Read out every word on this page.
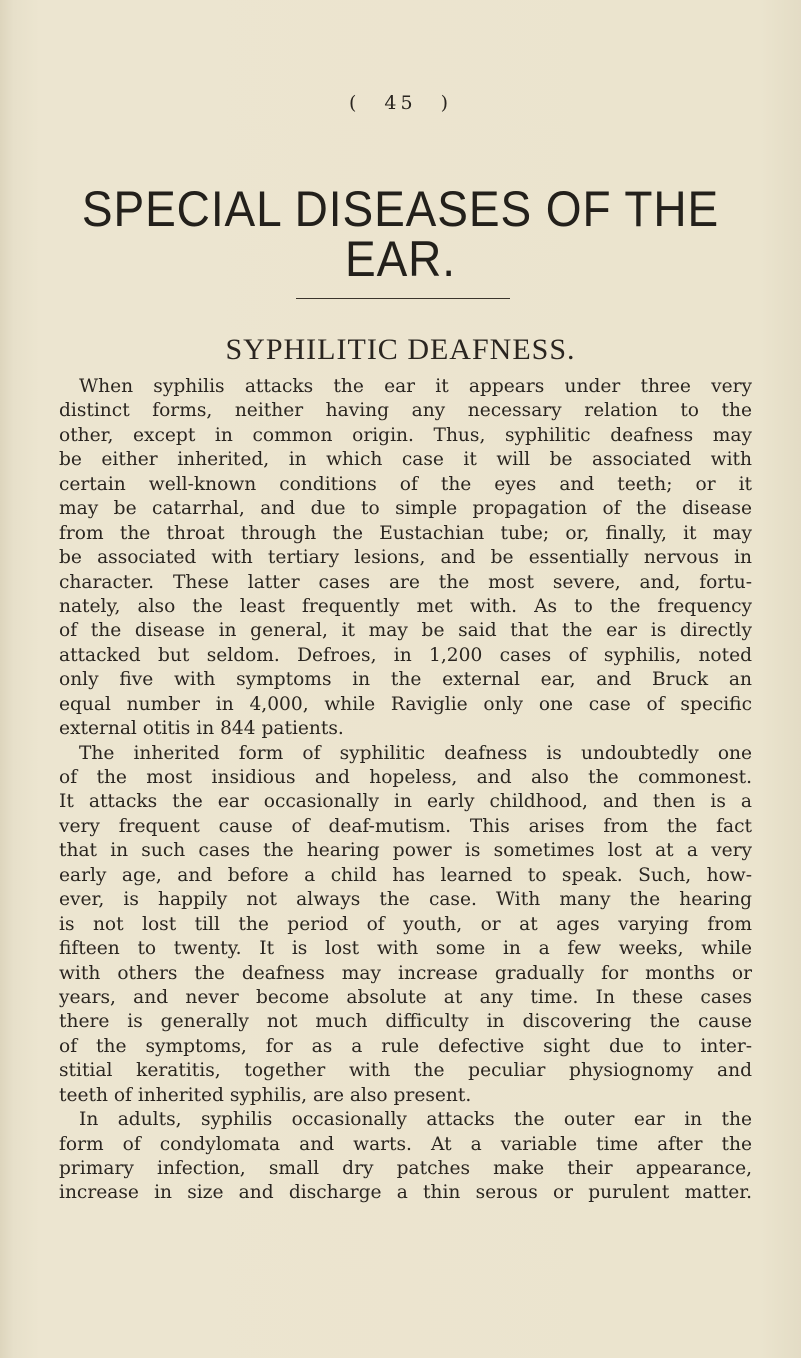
( 45 )
SPECIAL DISEASES OF THE EAR.
SYPHILITIC DEAFNESS.
When syphilis attacks the ear it appears under three very
distinct forms, neither having any necessary relation to the
other, except in common origin. Thus, syphilitic deafness may
be either inherited, in which case it will be associated with
certain well-known conditions of the eyes and teeth; or it
may be catarrhal, and due to simple propagation of the disease
from the throat through the Eustachian tube; or, finally, it may
be associated with tertiary lesions, and be essentially nervous in
character. These latter cases are the most severe, and, fortu-
nately, also the least frequently met with. As to the frequency
of the disease in general, it may be said that the ear is directly
attacked but seldom. Defroes, in 1,200 cases of syphilis, noted
only five with symptoms in the external ear, and Bruck an
equal number in 4,000, while Raviglie only one case of specific
external otitis in 844 patients.
The inherited form of syphilitic deafness is undoubtedly one
of the most insidious and hopeless, and also the commonest.
It attacks the ear occasionally in early childhood, and then is a
very frequent cause of deaf-mutism. This arises from the fact
that in such cases the hearing power is sometimes lost at a very
early age, and before a child has learned to speak. Such, how-
ever, is happily not always the case. With many the hearing
is not lost till the period of youth, or at ages varying from
fifteen to twenty. It is lost with some in a few weeks, while
with others the deafness may increase gradually for months or
years, and never become absolute at any time. In these cases
there is generally not much difficulty in discovering the cause
of the symptoms, for as a rule defective sight due to inter-
stitial keratitis, together with the peculiar physiognomy and
teeth of inherited syphilis, are also present.
In adults, syphilis occasionally attacks the outer ear in the
form of condylomata and warts. At a variable time after the
primary infection, small dry patches make their appearance,
increase in size and discharge a thin serous or purulent matter.
